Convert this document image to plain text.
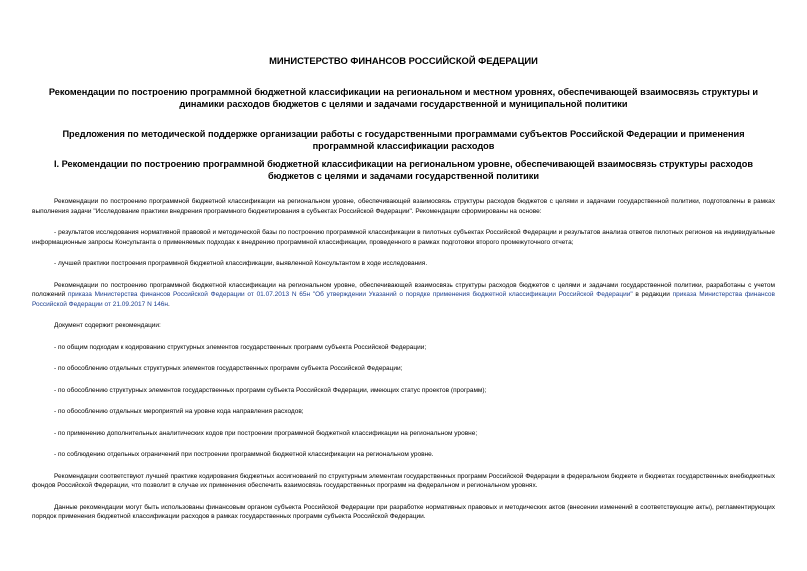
МИНИСТЕРСТВО ФИНАНСОВ РОССИЙСКОЙ ФЕДЕРАЦИИ
Рекомендации по построению программной бюджетной классификации на региональном и местном уровнях, обеспечивающей взаимосвязь структуры и динамики расходов бюджетов с целями и задачами государственной и муниципальной политики
Предложения по методической поддержке организации работы с государственными программами субъектов Российской Федерации и применения программной классификации расходов
I. Рекомендации по построению программной бюджетной классификации на региональном уровне, обеспечивающей взаимосвязь структуры расходов бюджетов с целями и задачами государственной политики

Рекомендации по построению программной бюджетной классификации на региональном уровне, обеспечивающей взаимосвязь структуры расходов бюджетов с целями и задачами государственной политики, подготовлены в рамках выполнения задачи "Исследование практики внедрения программного бюджетирования в субъектах Российской Федерации". Рекомендации сформированы на основе:

- результатов исследования нормативной правовой и методической базы по построению программной классификации в пилотных субъектах Российской Федерации и результатов анализа ответов пилотных регионов на индивидуальные информационные запросы Консультанта о применяемых подходах к внедрению программной классификации, проведенного в рамках подготовки второго промежуточного отчета;

- лучшей практики построения программной бюджетной классификации, выявленной Консультантом в ходе исследования.

Рекомендации по построению программной бюджетной классификации на региональном уровне, обеспечивающей взаимосвязь структуры расходов бюджетов с целями и задачами государственной политики, разработаны с учетом положений приказа Министерства финансов Российской Федерации от 01.07.2013 N 65н "Об утверждении Указаний о порядке применения бюджетной классификации Российской Федерации" в редакции приказа Министерства финансов Российской Федерации от 21.09.2017 N 146н.

Документ содержит рекомендации:

- по общим подходам к кодированию структурных элементов государственных программ субъекта Российской Федерации;

- по обособлению отдельных структурных элементов государственных программ субъекта Российской Федерации;

- по обособлению структурных элементов государственных программ субъекта Российской Федерации, имеющих статус проектов (программ);

- по обособлению отдельных мероприятий на уровне кода направления расходов;

- по применению дополнительных аналитических кодов при построении программной бюджетной классификации на региональном уровне;

- по соблюдению отдельных ограничений при построении программной бюджетной классификации на региональном уровне.

Рекомендации соответствуют лучшей практике кодирования бюджетных ассигнований по структурным элементам государственных программ Российской Федерации в федеральном бюджете и бюджетах государственных внебюджетных фондов Российской Федерации, что позволит в случае их применения обеспечить взаимосвязь государственных программ на федеральном и региональном уровнях.

Данные рекомендации могут быть использованы финансовым органом субъекта Российской Федерации при разработке нормативных правовых и методических актов (внесении изменений в соответствующие акты), регламентирующих порядок применения бюджетной классификации расходов в рамках государственных программ субъекта Российской Федерации.
